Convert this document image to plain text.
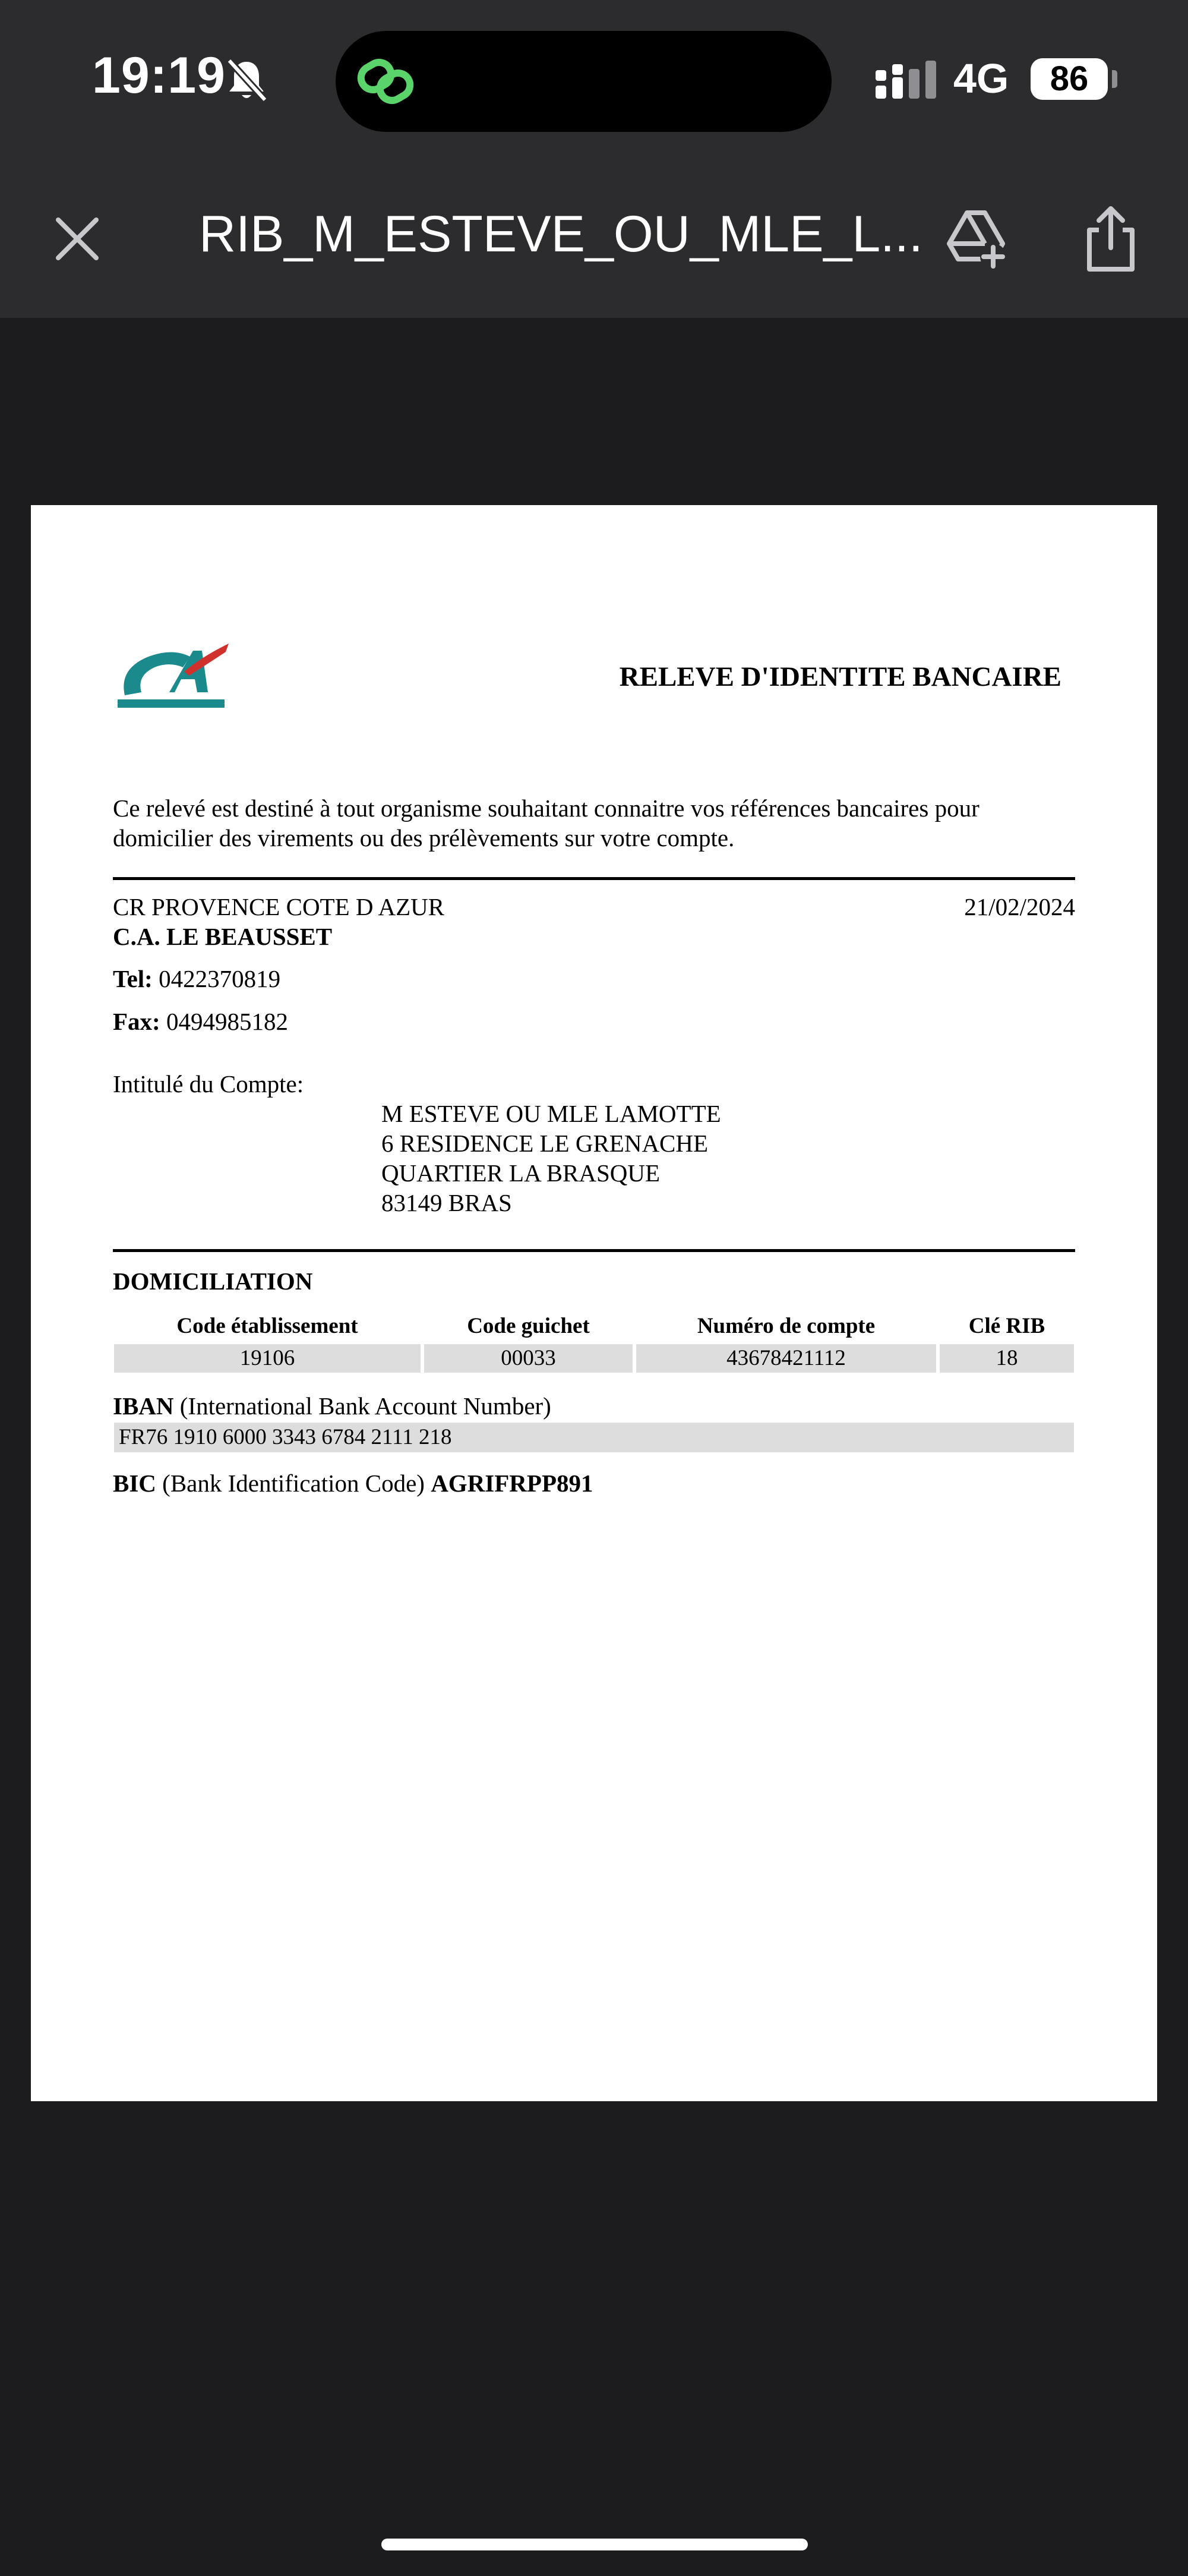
19:19	4G	86
RIB_M_ESTEVE_OU_MLE_L...
RELEVE D'IDENTITE BANCAIRE
Ce relevé est destiné à tout organisme souhaitant connaitre vos références bancaires pour
domicilier des virements ou des prélèvements sur votre compte.
CR PROVENCE COTE D AZUR	21/02/2024
C.A. LE BEAUSSET
Tel: 0422370819
Fax: 0494985182
Intitulé du Compte:
M ESTEVE OU MLE LAMOTTE
6 RESIDENCE LE GRENACHE
QUARTIER LA BRASQUE
83149 BRAS
DOMICILIATION
Code établissement	Code guichet	Numéro de compte	Clé RIB
19106	00033	43678421112	18
IBAN (International Bank Account Number)
FR76 1910 6000 3343 6784 2111 218
BIC (Bank Identification Code) AGRIFRPP891
